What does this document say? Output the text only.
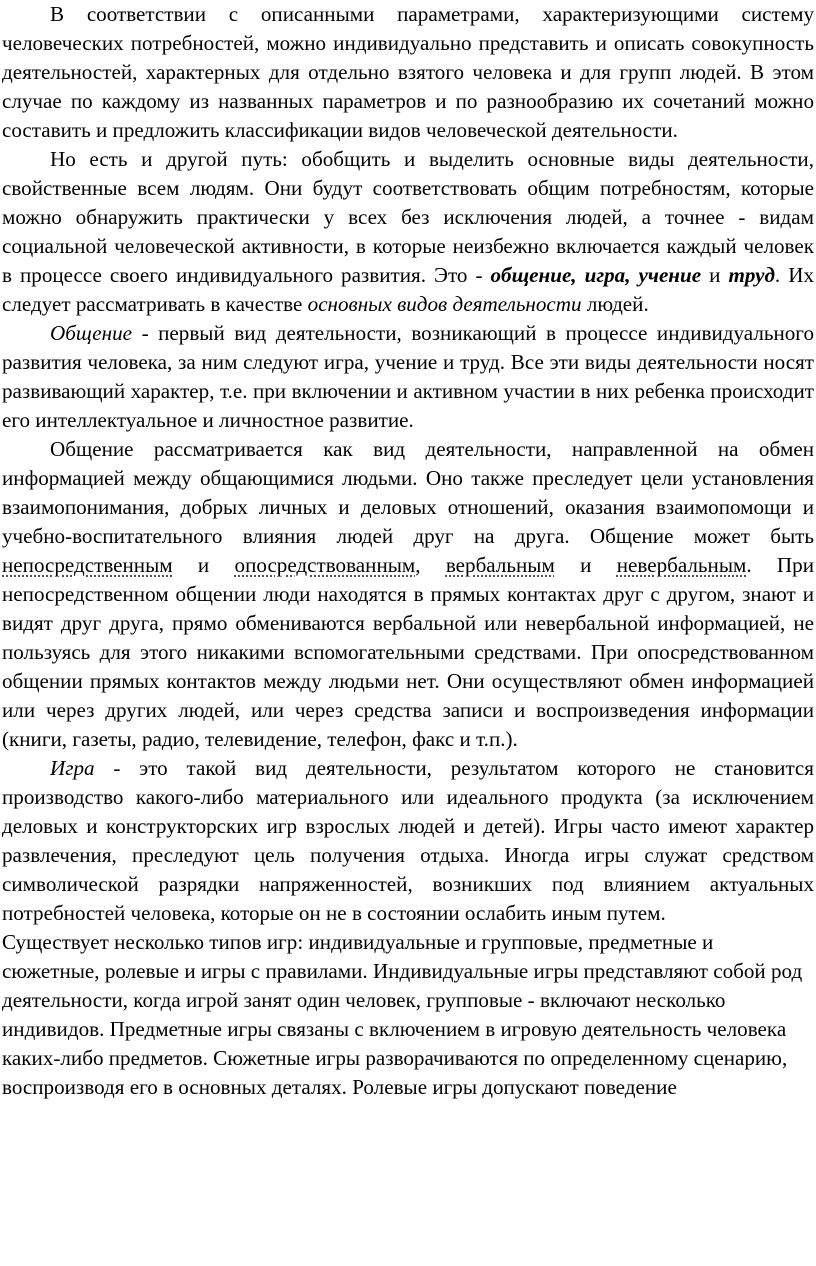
В соответствии с описанными параметрами, характеризующими систему человеческих потребностей, можно индивидуально представить и описать совокупность деятельностей, характерных для отдельно взятого человека и для групп людей. В этом случае по каждому из названных параметров и по разнообразию их сочетаний можно составить и предложить классификации видов человеческой деятельности.

Но есть и другой путь: обобщить и выделить основные виды деятельности, свойственные всем людям. Они будут соответствовать общим потребностям, которые можно обнаружить практически у всех без исключения людей, а точнее - видам социальной человеческой активности, в которые неизбежно включается каждый человек в процессе своего индивидуального развития. Это - общение, игра, учение и труд. Их следует рассматривать в качестве основных видов деятельности людей.

Общение - первый вид деятельности, возникающий в процессе индивидуального развития человека, за ним следуют игра, учение и труд. Все эти виды деятельности носят развивающий характер, т.е. при включении и активном участии в них ребенка происходит его интеллектуальное и личностное развитие.

Общение рассматривается как вид деятельности, направленной на обмен информацией между общающимися людьми. Оно также преследует цели установления взаимопонимания, добрых личных и деловых отношений, оказания взаимопомощи и учебно-воспитательного влияния людей друг на друга. Общение может быть непосредственным и опосредствованным, вербальным и невербальным. При непосредственном общении люди находятся в прямых контактах друг с другом, знают и видят друг друга, прямо обмениваются вербальной или невербальной информацией, не пользуясь для этого никакими вспомогательными средствами. При опосредствованном общении прямых контактов между людьми нет. Они осуществляют обмен информацией или через других людей, или через средства записи и воспроизведения информации (книги, газеты, радио, телевидение, телефон, факс и т.п.).

Игра - это такой вид деятельности, результатом которого не становится производство какого-либо материального или идеального продукта (за исключением деловых и конструкторских игр взрослых людей и детей). Игры часто имеют характер развлечения, преследуют цель получения отдыха. Иногда игры служат средством символической разрядки напряженностей, возникших под влиянием актуальных потребностей человека, которые он не в состоянии ослабить иным путем.

Существует несколько типов игр: индивидуальные и групповые, предметные и сюжетные, ролевые и игры с правилами. Индивидуальные игры представляют собой род деятельности, когда игрой занят один человек, групповые - включают несколько индивидов. Предметные игры связаны с включением в игровую деятельность человека каких-либо предметов. Сюжетные игры разворачиваются по определенному сценарию, воспроизводя его в основных деталях. Ролевые игры допускают поведение
